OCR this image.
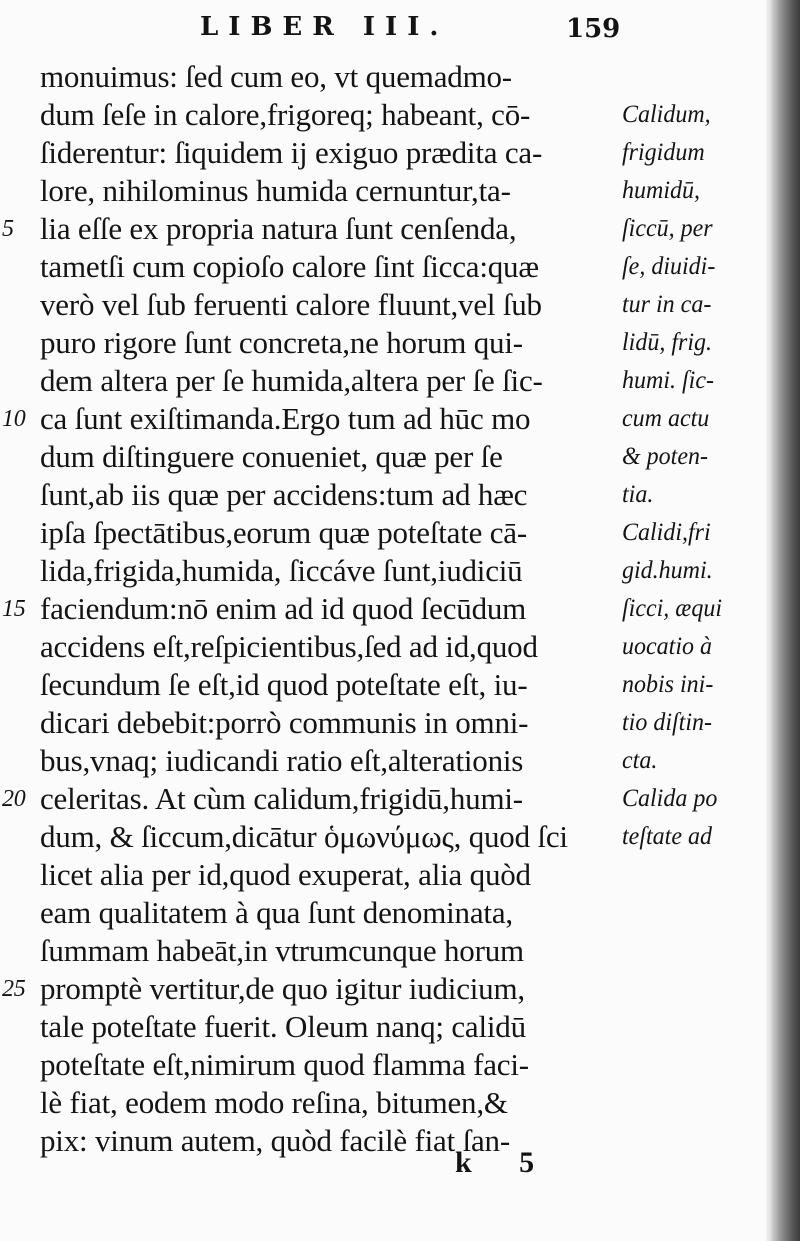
LIBER III.	159
monuimus: ſed cum eo, vt quemadmo-
dum ſeſe in calore,frigoreq; habeant, cō-
ſiderentur: ſiquidem ij exiguo prædita ca-
lore, nihilominus humida cernuntur,ta-
5 lia eſſe ex propria natura ſunt cenſenda,
tametſi cum copioſo calore ſint ſicca:quæ
verò vel ſub feruenti calore fluunt,vel ſub
puro rigore ſunt concreta,ne horum qui-
dem altera per ſe humida,altera per ſe ſic-
10 ca ſunt exiſtimanda.Ergo tum ad hūc mo
dum diſtinguere conueniet, quæ per ſe
ſunt,ab iis quæ per accidens:tum ad hæc
ipſa ſpectātibus,eorum quæ poteſtate cā-
lida,frigida,humida, ſiccáve ſunt,iudiciū
15 faciendum:nō enim ad id quod ſecūdum
accidens eſt,reſpicientibus,ſed ad id,quod
ſecundum ſe eſt,id quod poteſtate eſt, iu-
dicari debebit:porrò communis in omni-
bus,vnaq; iudicandi ratio eſt,alterationis
20 celeritas. At cùm calidum,frigidū,humi-
dum, & ſiccum,dicātur ὁμωνύμως, quod ſci
licet alia per id,quod exuperat, alia quòd
eam qualitatem à qua ſunt denominata,
ſummam habeāt,in vtrumcunque horum
25 promptè vertitur,de quo igitur iudicium,
tale poteſtate fuerit. Oleum nanq; calidū
poteſtate eſt,nimirum quod flamma faci-
lè fiat, eodem modo reſina, bitumen,&
pix: vinum autem, quòd facilè fiat ſan-
Calidum,
frigidum
humidū,
ſiccū, per
ſe, diuidi-
tur in ca-
lidū, frig.
humi. ſic-
cum actu
& poten-
tia.
Calidi,fri
gid.humi.
ſicci, æqui
uocatio à
nobis ini-
tio diſtin-
cta.
Calida po
teſtate ad
k 5
